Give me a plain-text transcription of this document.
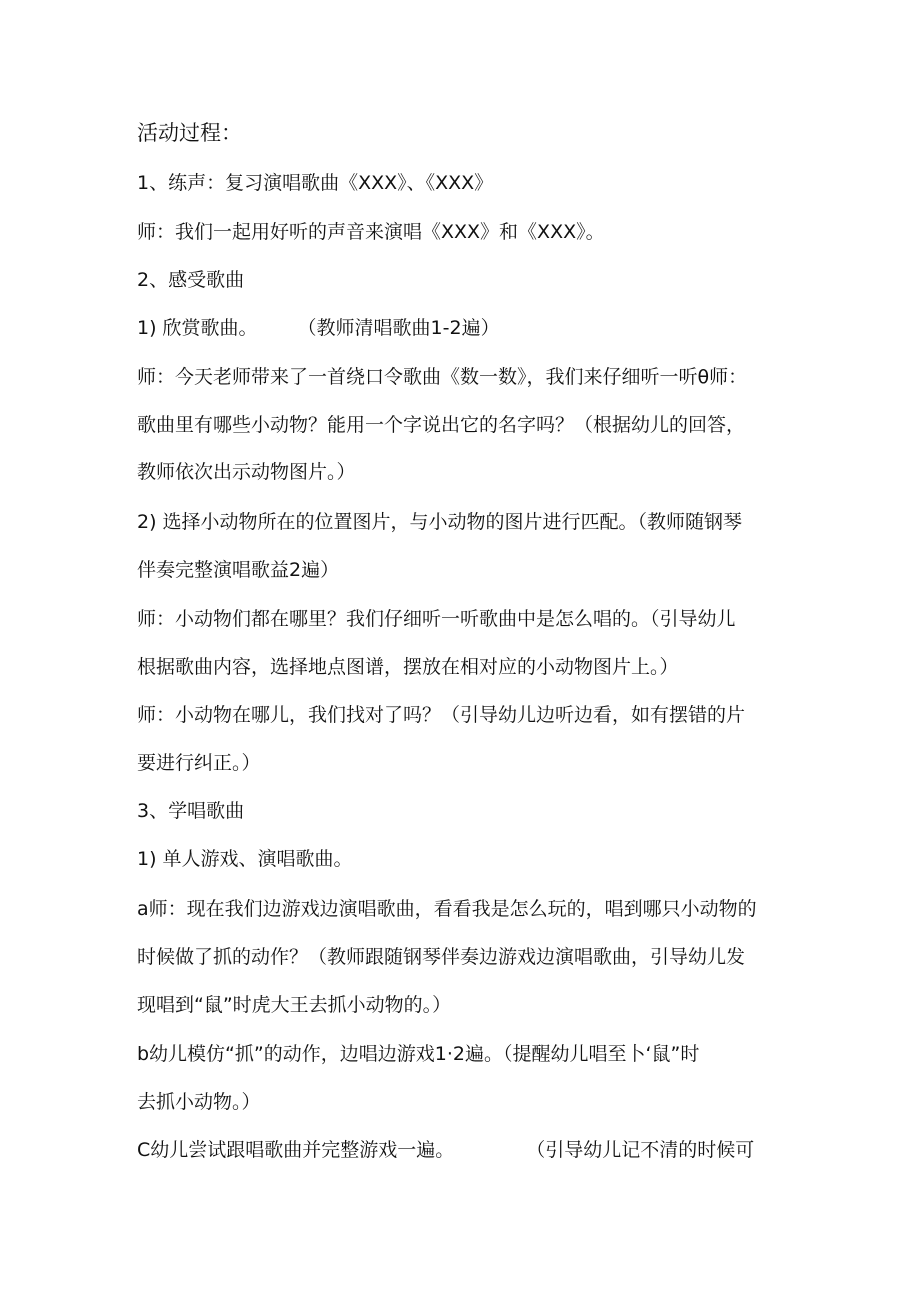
活动过程：
1、练声：复习演唱歌曲《XXX》、《XXX》
师：我们一起用好听的声音来演唱《XXX》和《XXX》。
2、感受歌曲
1) 欣赏歌曲。 （教师清唱歌曲1-2遍）
师：今天老师带来了一首绕口令歌曲《数一数》，我们来仔细听一听θ师：
歌曲里有哪些小动物？能用一个字说出它的名字吗？（根据幼儿的回答，
教师依次出示动物图片。）
2) 选择小动物所在的位置图片，与小动物的图片进行匹配。（教师随钢琴
伴奏完整演唱歌益2遍）
师：小动物们都在哪里？我们仔细听一听歌曲中是怎么唱的。（引导幼儿
根据歌曲内容，选择地点图谱，摆放在相对应的小动物图片上。）
师：小动物在哪儿，我们找对了吗？（引导幼儿边听边看，如有摆错的片
要进行纠正。）
3、学唱歌曲
1) 单人游戏、演唱歌曲。
a师：现在我们边游戏边演唱歌曲，看看我是怎么玩的，唱到哪只小动物的
时候做了抓的动作？（教师跟随钢琴伴奏边游戏边演唱歌曲，引导幼儿发
现唱到“鼠”时虎大王去抓小动物的。）
b幼儿模仿“抓”的动作，边唱边游戏1·2遍。（提醒幼儿唱至卜‘鼠”时
去抓小动物。）
C幼儿尝试跟唱歌曲并完整游戏一遍。	（引导幼儿记不清的时候可
